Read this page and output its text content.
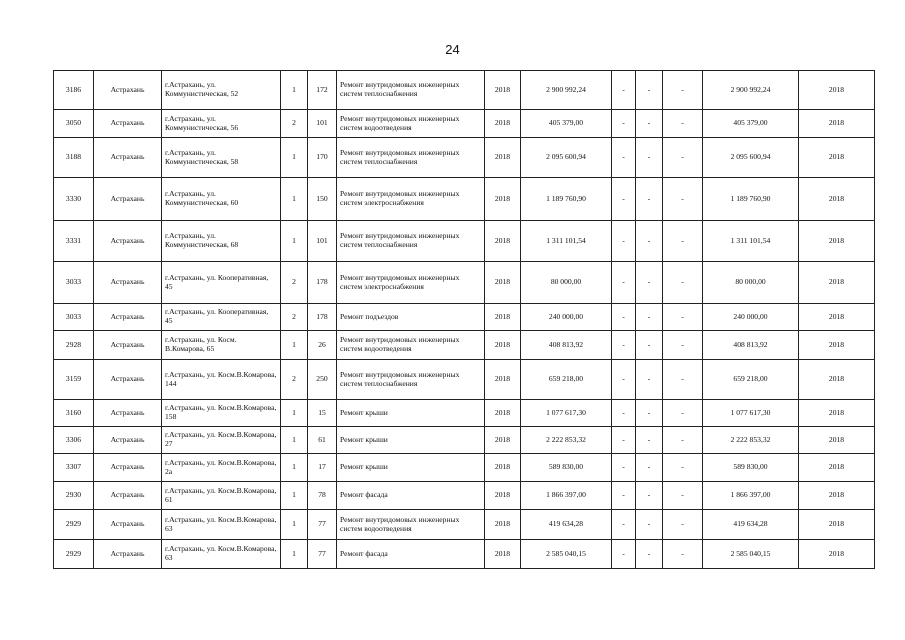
24
3186	Астрахань	г.Астрахань, ул. Коммунистическая, 52	1	172	Ремонт внутридомовых инженерных систем теплоснабжения	2018	2 900 992,24	-	-	-	2 900 992,24	2018
3050	Астрахань	г.Астрахань, ул. Коммунистическая, 56	2	101	Ремонт внутридомовых инженерных систем водоотведения	2018	405 379,00	-	-	-	405 379,00	2018
3188	Астрахань	г.Астрахань, ул. Коммунистическая, 58	1	170	Ремонт внутридомовых инженерных систем теплоснабжения	2018	2 095 600,94	-	-	-	2 095 600,94	2018
3330	Астрахань	г.Астрахань, ул. Коммунистическая, 60	1	150	Ремонт внутридомовых инженерных систем электроснабжения	2018	1 189 760,90	-	-	-	1 189 760,90	2018
3331	Астрахань	г.Астрахань, ул. Коммунистическая, 68	1	101	Ремонт внутридомовых инженерных систем теплоснабжения	2018	1 311 101,54	-	-	-	1 311 101,54	2018
3033	Астрахань	г.Астрахань, ул. Кооперативная, 45	2	178	Ремонт внутридомовых инженерных систем электроснабжения	2018	80 000,00	-	-	-	80 000,00	2018
3033	Астрахань	г.Астрахань, ул. Кооперативная, 45	2	178	Ремонт подъездов	2018	240 000,00	-	-	-	240 000,00	2018
2928	Астрахань	г.Астрахань, ул. Косм. В.Комарова, 65	1	26	Ремонт внутридомовых инженерных систем водоотведения	2018	408 813,92	-	-	-	408 813,92	2018
3159	Астрахань	г.Астрахань, ул. Косм.В.Комарова, 144	2	250	Ремонт внутридомовых инженерных систем теплоснабжения	2018	659 218,00	-	-	-	659 218,00	2018
3160	Астрахань	г.Астрахань, ул. Косм.В.Комарова, 158	1	15	Ремонт крыши	2018	1 077 617,30	-	-	-	1 077 617,30	2018
3306	Астрахань	г.Астрахань, ул. Косм.В.Комарова, 27	1	61	Ремонт крыши	2018	2 222 853,32	-	-	-	2 222 853,32	2018
3307	Астрахань	г.Астрахань, ул. Косм.В.Комарова, 2а	1	17	Ремонт крыши	2018	589 830,00	-	-	-	589 830,00	2018
2930	Астрахань	г.Астрахань, ул. Косм.В.Комарова, 61	1	78	Ремонт фасада	2018	1 866 397,00	-	-	-	1 866 397,00	2018
2929	Астрахань	г.Астрахань, ул. Косм.В.Комарова, 63	1	77	Ремонт внутридомовых инженерных систем водоотведения	2018	419 634,28	-	-	-	419 634,28	2018
2929	Астрахань	г.Астрахань, ул. Косм.В.Комарова, 63	1	77	Ремонт фасада	2018	2 585 040,15	-	-	-	2 585 040,15	2018
